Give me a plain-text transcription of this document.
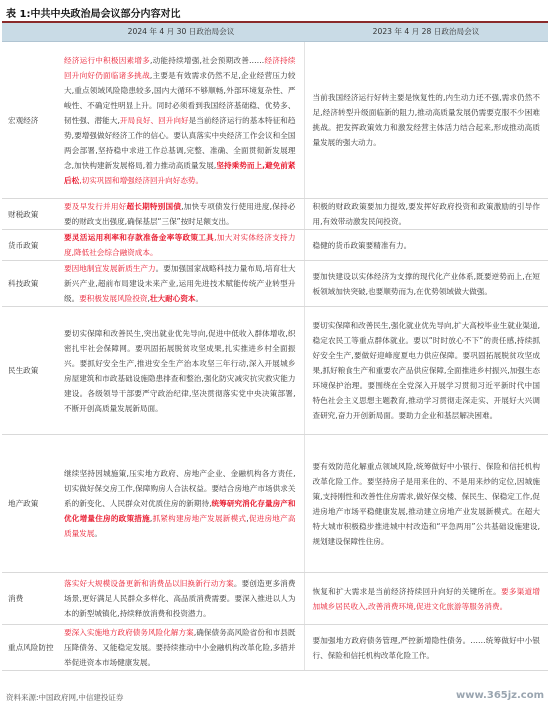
表 1:中共中央政治局会议部分内容对比
	2024 年 4 月 30 日政治局会议	2023 年 4 月 28 日政治局会议
宏观经济	经济运行中积极因素增多,动能持续增强,社会预期改善……经济持续回升向好仍面临诸多挑战,主要是有效需求仍然不足,企业经营压力较大,重点领域风险隐患较多,国内大循环不够顺畅,外部环境复杂性、严峻性、不确定性明显上升。同时必须看到我国经济基础稳、优势多、韧性强、潜能大,开局良好、回升向好是当前经济运行的基本特征和趋势,要增强做好经济工作的信心。要认真落实中央经济工作会议和全国两会部署,坚持稳中求进工作总基调,完整、准确、全面贯彻新发展理念,加快构建新发展格局,着力推动高质量发展,坚持乘势而上,避免前紧后松,切实巩固和增强经济回升向好态势。	当前我国经济运行好转主要是恢复性的,内生动力还不强,需求仍然不足,经济转型升级面临新的阻力,推动高质量发展仍需要克服不少困难挑战。把发挥政策效力和激发经营主体活力结合起来,形成推动高质量发展的强大动力。
财税政策	要及早发行并用好超长期特别国债,加快专项债发行使用进度,保持必要的财政支出强度,确保基层“三保”按时足额支出。	积极的财政政策要加力提效,要发挥好政府投资和政策激励的引导作用,有效带动激发民间投资。
货币政策	要灵活运用利率和存款准备金率等政策工具,加大对实体经济支持力度,降低社会综合融资成本。	稳健的货币政策要精准有力。
科技政策	要因地制宜发展新质生产力。要加强国家战略科技力量布局,培育壮大新兴产业,超前布局建设未来产业,运用先进技术赋能传统产业转型升级。要积极发展风险投资,壮大耐心资本。	要加快建设以实体经济为支撑的现代化产业体系,既要逆势而上,在短板领域加快突破,也要顺势而为,在优势领域做大做强。
民生政策	要切实保障和改善民生,突出就业优先导向,促进中低收入群体增收,织密扎牢社会保障网。要巩固拓展脱贫攻坚成果,扎实推进乡村全面振兴。要抓好安全生产,推进安全生产治本攻坚三年行动,深入开展城乡房屋建筑和市政基础设施隐患排查和整治,强化防灾减灾抗灾救灾能力建设。各级领导干部要严守政治纪律,坚决贯彻落实党中央决策部署,不断开创高质量发展新局面。	要切实保障和改善民生,强化就业优先导向,扩大高校毕业生就业渠道,稳定农民工等重点群体就业。要以“时时放心不下”的责任感,持续抓好安全生产,要做好迎峰度夏电力供应保障。要巩固拓展脱贫攻坚成果,抓好粮食生产和重要农产品供应保障,全面推进乡村振兴,加强生态环境保护治理。要围绕在全党深入开展学习贯彻习近平新时代中国特色社会主义思想主题教育,推动学习贯彻走深走实、开展好大兴调查研究,奋力开创新局面。要助力企业和基层解决困难。
地产政策	继续坚持因城施策,压实地方政府、房地产企业、金融机构各方责任,切实做好保交房工作,保障购房人合法权益。要结合房地产市场供求关系的新变化、人民群众对优质住房的新期待,统筹研究消化存量房产和优化增量住房的政策措施,抓紧构建房地产发展新模式,促进房地产高质量发展。	要有效防范化解重点领域风险,统筹做好中小银行、保险和信托机构改革化险工作。要坚持房子是用来住的、不是用来炒的定位,因城施策,支持刚性和改善性住房需求,做好保交楼、保民生、保稳定工作,促进房地产市场平稳健康发展,推动建立房地产业发展新模式。在超大特大城市积极稳步推进城中村改造和“平急两用”公共基础设施建设,规划建设保障性住房。
消费	落实好大规模设备更新和消费品以旧换新行动方案。要创造更多消费场景,更好满足人民群众多样化、高品质消费需要。要深入推进以人为本的新型城镇化,持续释放消费和投资潜力。	恢复和扩大需求是当前经济持续回升向好的关键所在。要多渠道增加城乡居民收入,改善消费环境,促进文化旅游等服务消费。
重点风险防控	要深入实施地方政府债务风险化解方案,确保债务高风险省份和市县既压降债务、又能稳定发展。要持续推动中小金融机构改革化险,多措并举促进资本市场健康发展。	要加强地方政府债务管理,严控新增隐性债务。……统筹做好中小银行、保险和信托机构改革化险工作。
资料来源:中国政府网,中信建投证券	www.365jz.com
